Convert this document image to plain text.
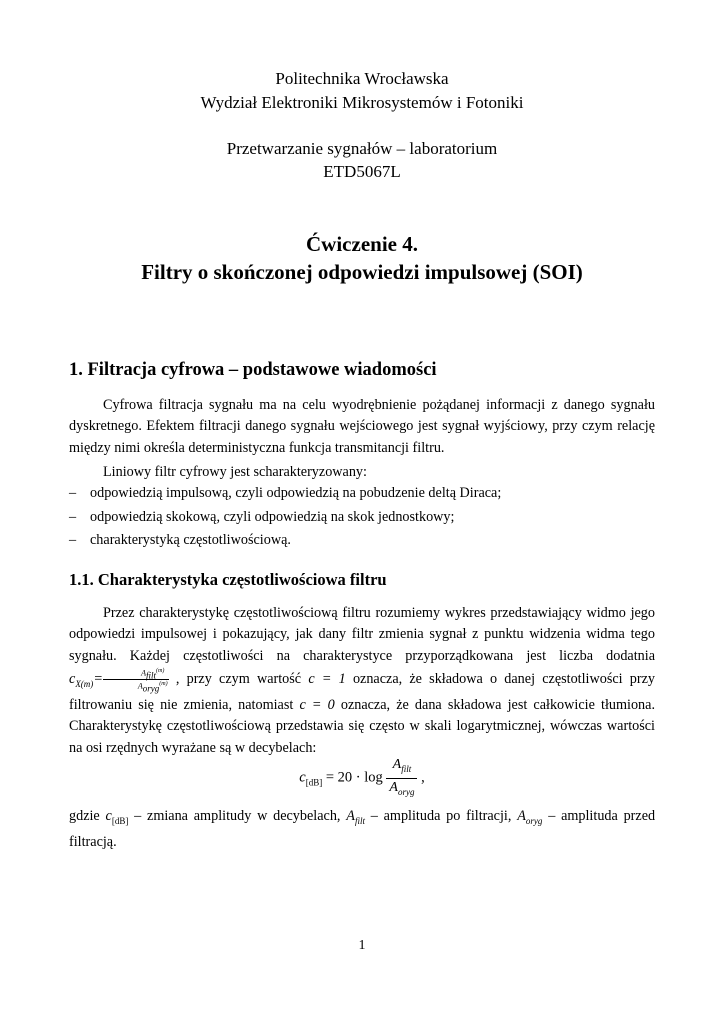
Politechnika Wrocławska
Wydział Elektroniki Mikrosystemów i Fotoniki
Przetwarzanie sygnałów – laboratorium
ETD5067L
Ćwiczenie 4.
Filtry o skończonej odpowiedzi impulsowej (SOI)
1. Filtracja cyfrowa – podstawowe wiadomości

Cyfrowa filtracja sygnału ma na celu wyodrębnienie pożądanej informacji z danego sygnału dyskretnego. Efektem filtracji danego sygnału wejściowego jest sygnał wyjściowy, przy czym relację między nimi określa deterministyczna funkcja transmitancji filtru.

Liniowy filtr cyfrowy jest scharakteryzowany:

– odpowiedzią impulsową, czyli odpowiedzią na pobudzenie deltą Diraca;
– odpowiedzią skokową, czyli odpowiedzią na skok jednostkowy;
– charakterystyką częstotliwościową.
1.1. Charakterystyka częstotliwościowa filtru

Przez charakterystykę częstotliwościową filtru rozumiemy wykres przedstawiający widmo jego odpowiedzi impulsowej i pokazujący, jak dany filtr zmienia sygnał z punktu widzenia widma tego sygnału. Każdej częstotliwości na charakterystyce przyporządkowana jest liczba dodatnia $c_{X(m)}= \frac{A_{filt}^{(m)}}{A_{oryg}^{(m)}}$ , przy czym wartość c = 1 oznacza, że składowa o danej częstotliwości przy filtrowaniu się nie zmienia, natomiast c = 0 oznacza, że dana składowa jest całkowicie tłumiona. Charakterystykę częstotliwościową przedstawia się często w skali logarytmicznej, wówczas wartości na osi rzędnych wyrażane są w decybelach:

$c_{[dB]} = 20 \cdot \log \frac{A_{filt}}{A_{oryg}}$ ,

gdzie $c_{[dB]}$ – zmiana amplitudy w decybelach, $A_{filt}$ – amplituda po filtracji, $A_{oryg}$ – amplituda przed filtracją.

1
